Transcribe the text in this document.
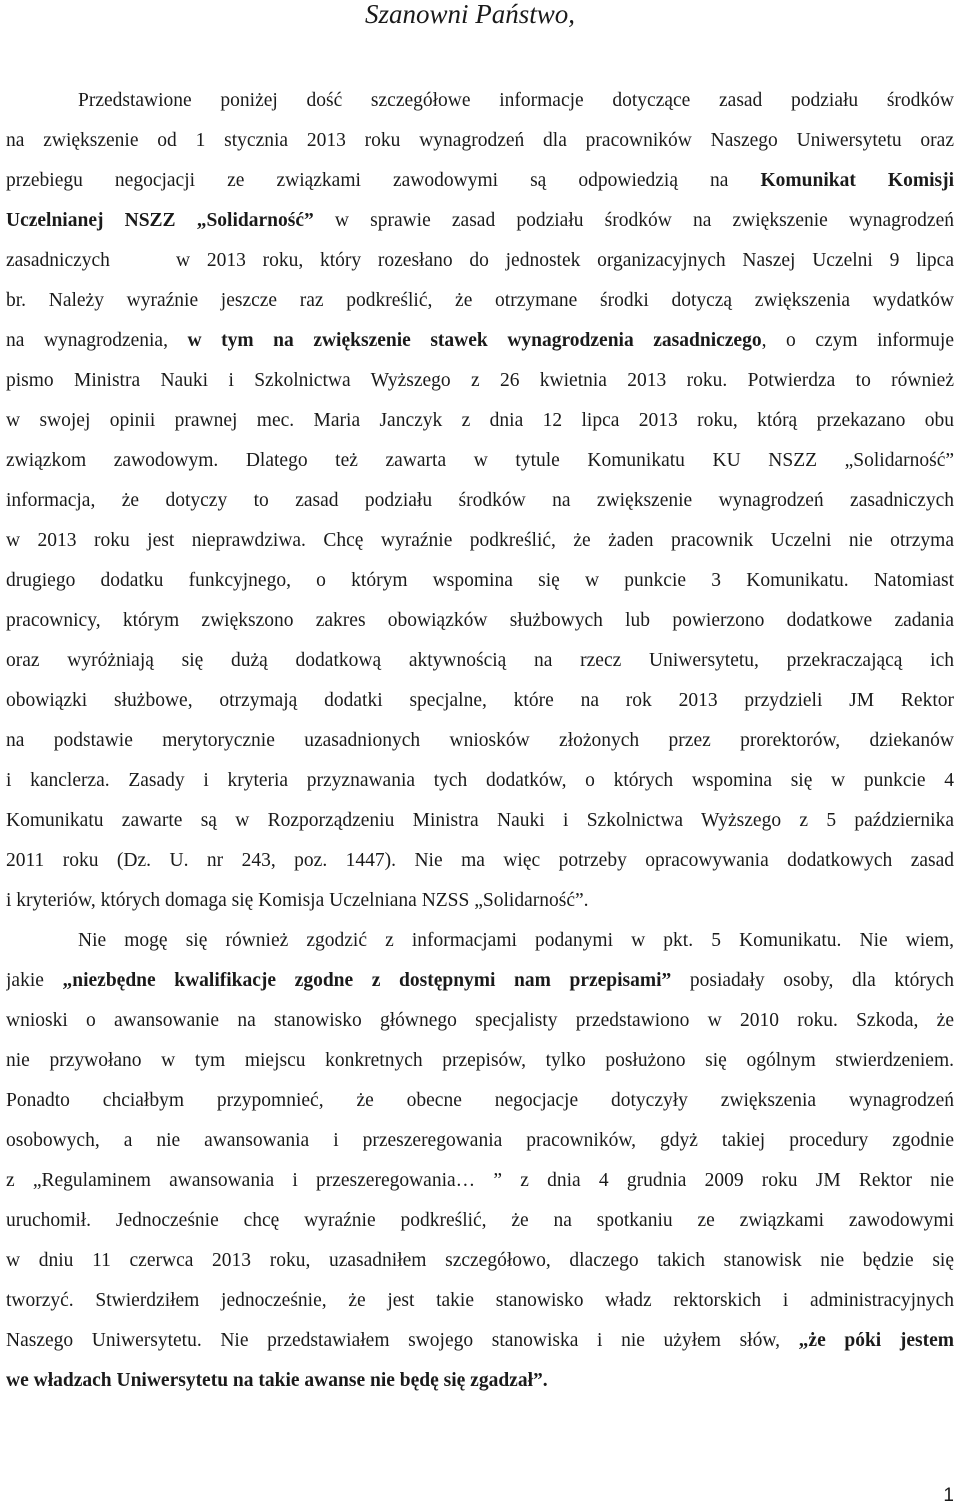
Szanowni Państwo,
Przedstawione poniżej dość szczegółowe informacje dotyczące zasad podziału środków
na zwiększenie od 1 stycznia 2013 roku wynagrodzeń dla pracowników Naszego Uniwersytetu oraz
przebiegu negocjacji ze związkami zawodowymi są odpowiedzią na Komunikat Komisji
Uczelnianej NSZZ „Solidarność” w sprawie zasad podziału środków na zwiększenie wynagrodzeń
zasadniczych	w 2013 roku, który rozesłano do jednostek organizacyjnych Naszej Uczelni 9 lipca
br. Należy wyraźnie jeszcze raz podkreślić, że otrzymane środki dotyczą zwiększenia wydatków
na wynagrodzenia, w tym na zwiększenie stawek wynagrodzenia zasadniczego, o czym informuje
pismo Ministra Nauki i Szkolnictwa Wyższego z 26 kwietnia 2013 roku. Potwierdza to również
w swojej opinii prawnej mec. Maria Janczyk z dnia 12 lipca 2013 roku, którą przekazano obu
związkom zawodowym. Dlatego też zawarta w tytule Komunikatu KU NSZZ „Solidarność”
informacja, że dotyczy to zasad podziału środków na zwiększenie wynagrodzeń zasadniczych
w 2013 roku jest nieprawdziwa. Chcę wyraźnie podkreślić, że żaden pracownik Uczelni nie otrzyma
drugiego dodatku funkcyjnego, o którym wspomina się w punkcie 3 Komunikatu. Natomiast
pracownicy, którym zwiększono zakres obowiązków służbowych lub powierzono dodatkowe zadania
oraz wyróżniają się dużą dodatkową aktywnością na rzecz Uniwersytetu, przekraczającą ich
obowiązki służbowe, otrzymają dodatki specjalne, które na rok 2013 przydzieli JM Rektor
na podstawie merytorycznie uzasadnionych wniosków złożonych przez prorektorów, dziekanów
i kanclerza. Zasady i kryteria przyznawania tych dodatków, o których wspomina się w punkcie 4
Komunikatu zawarte są w Rozporządzeniu Ministra Nauki i Szkolnictwa Wyższego z 5 października
2011 roku (Dz. U. nr 243, poz. 1447). Nie ma więc potrzeby opracowywania dodatkowych zasad
i kryteriów, których domaga się Komisja Uczelniana NZSS „Solidarność”.
Nie mogę się również zgodzić z informacjami podanymi w pkt. 5 Komunikatu. Nie wiem,
jakie „niezbędne kwalifikacje zgodne z dostępnymi nam przepisami” posiadały osoby, dla których
wnioski o awansowanie na stanowisko głównego specjalisty przedstawiono w 2010 roku. Szkoda, że
nie przywołano w tym miejscu konkretnych przepisów, tylko posłużono się ogólnym stwierdzeniem.
Ponadto chciałbym przypomnieć, że obecne negocjacje dotyczyły zwiększenia wynagrodzeń
osobowych, a nie awansowania i przeszeregowania pracowników, gdyż takiej procedury zgodnie
z „Regulaminem awansowania i przeszeregowania… ” z dnia 4 grudnia 2009 roku JM Rektor nie
uruchomił. Jednocześnie chcę wyraźnie podkreślić, że na spotkaniu ze związkami zawodowymi
w dniu 11 czerwca 2013 roku, uzasadniłem szczegółowo, dlaczego takich stanowisk nie będzie się
tworzyć. Stwierdziłem jednocześnie, że jest takie stanowisko władz rektorskich i administracyjnych
Naszego Uniwersytetu. Nie przedstawiałem swojego stanowiska i nie użyłem słów, „że póki jestem
we władzach Uniwersytetu na takie awanse nie będę się zgadzał”.
1
